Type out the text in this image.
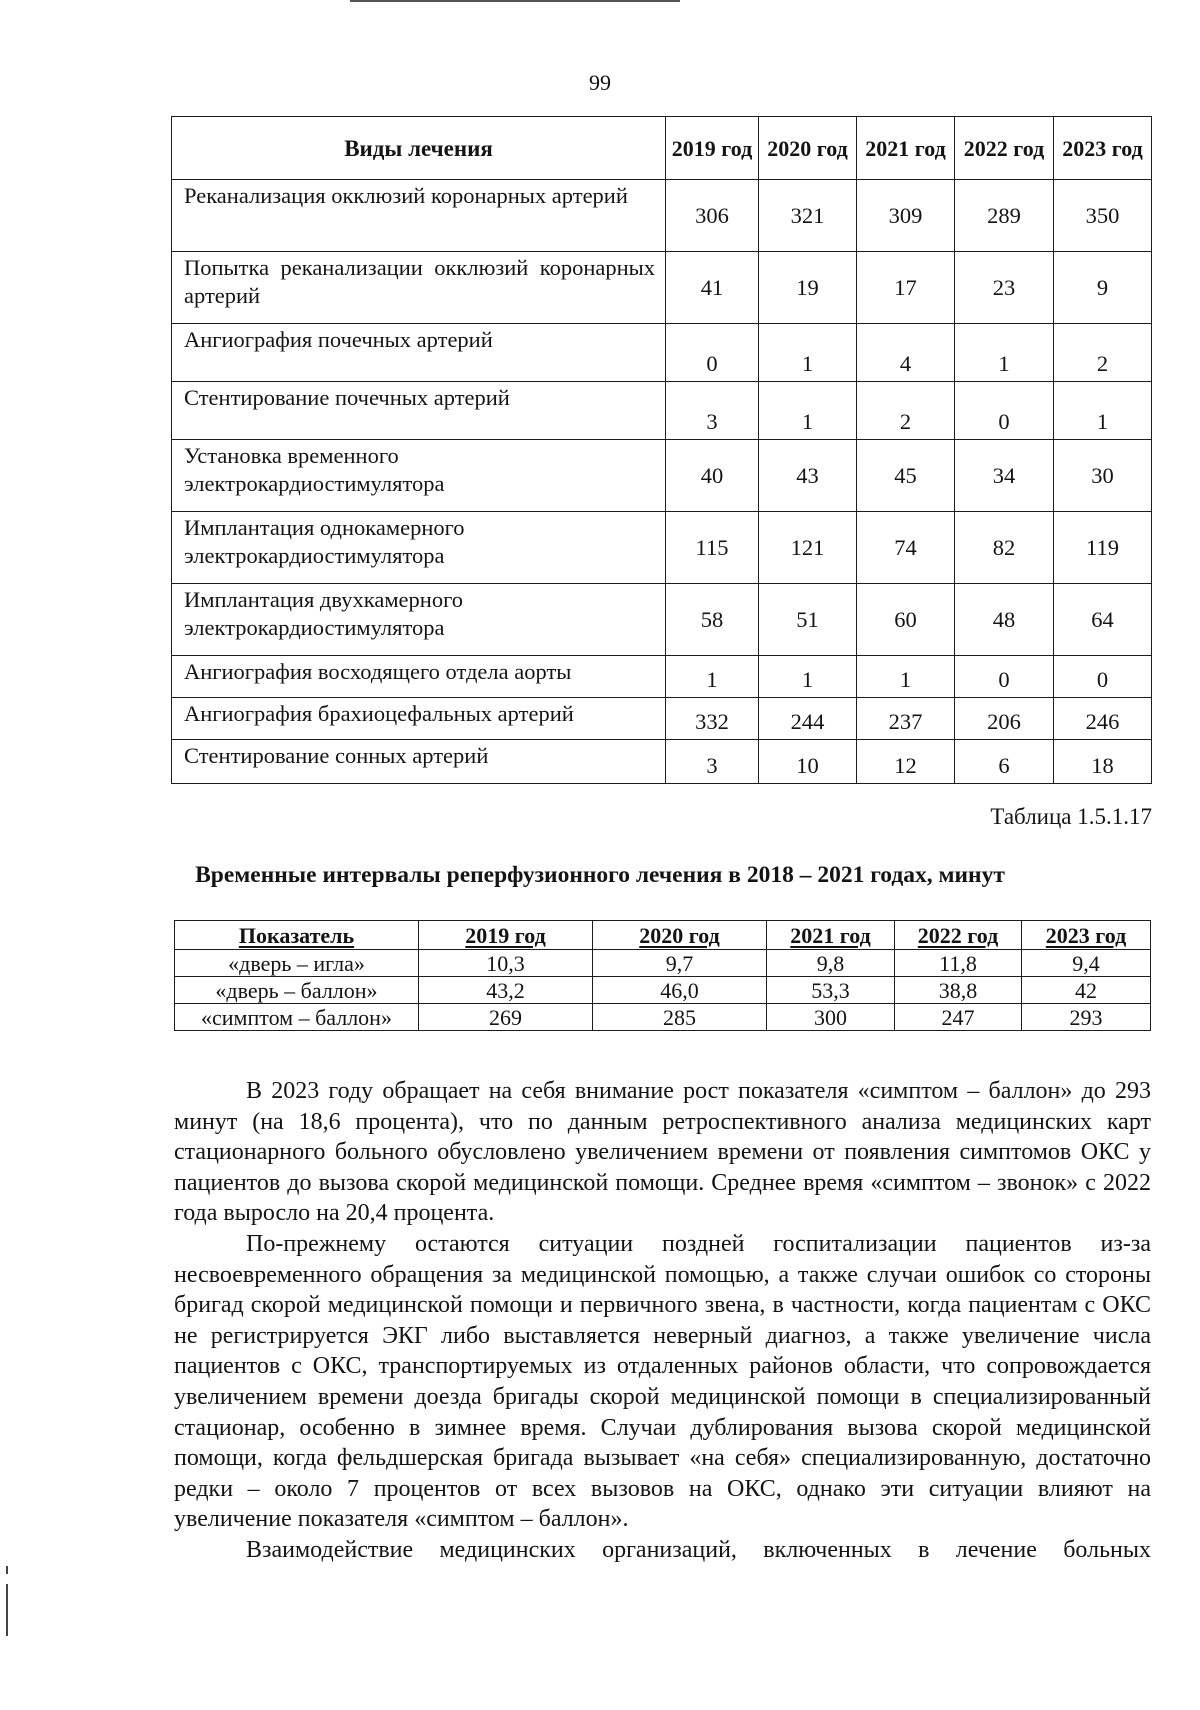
99
Виды лечения	2019 год	2020 год	2021 год	2022 год	2023 год
Реканализация окклюзий коронарных артерий	306	321	309	289	350
Попытка реканализации окклюзий коронарных артерий	41	19	17	23	9
Ангиография почечных артерий	0	1	4	1	2
Стентирование почечных артерий	3	1	2	0	1
Установка временного электрокардиостимулятора	40	43	45	34	30
Имплантация однокамерного электрокардиостимулятора	115	121	74	82	119
Имплантация двухкамерного электрокардиостимулятора	58	51	60	48	64
Ангиография восходящего отдела аорты	1	1	1	0	0
Ангиография брахиоцефальных артерий	332	244	237	206	246
Стентирование сонных артерий	3	10	12	6	18
Таблица 1.5.1.17
Временные интервалы реперфузионного лечения в 2018 – 2021 годах, минут
Показатель	2019 год	2020 год	2021 год	2022 год	2023 год
«дверь – игла»	10,3	9,7	9,8	11,8	9,4
«дверь – баллон»	43,2	46,0	53,3	38,8	42
«симптом – баллон»	269	285	300	247	293

В 2023 году обращает на себя внимание рост показателя «симптом – баллон» до 293 минут (на 18,6 процента), что по данным ретроспективного анализа медицинских карт стационарного больного обусловлено увеличением времени от появления симптомов ОКС у пациентов до вызова скорой медицинской помощи. Среднее время «симптом – звонок» с 2022 года выросло на 20,4 процента.

По-прежнему остаются ситуации поздней госпитализации пациентов из-за несвоевременного обращения за медицинской помощью, а также случаи ошибок со стороны бригад скорой медицинской помощи и первичного звена, в частности, когда пациентам с ОКС не регистрируется ЭКГ либо выставляется неверный диагноз, а также увеличение числа пациентов с ОКС, транспортируемых из отдаленных районов области, что сопровождается увеличением времени доезда бригады скорой медицинской помощи в специализированный стационар, особенно в зимнее время. Случаи дублирования вызова скорой медицинской помощи, когда фельдшерская бригада вызывает «на себя» специализированную, достаточно редки – около 7 процентов от всех вызовов на ОКС, однако эти ситуации влияют на увеличение показателя «симптом – баллон».

Взаимодействие медицинских организаций, включенных в лечение больных
